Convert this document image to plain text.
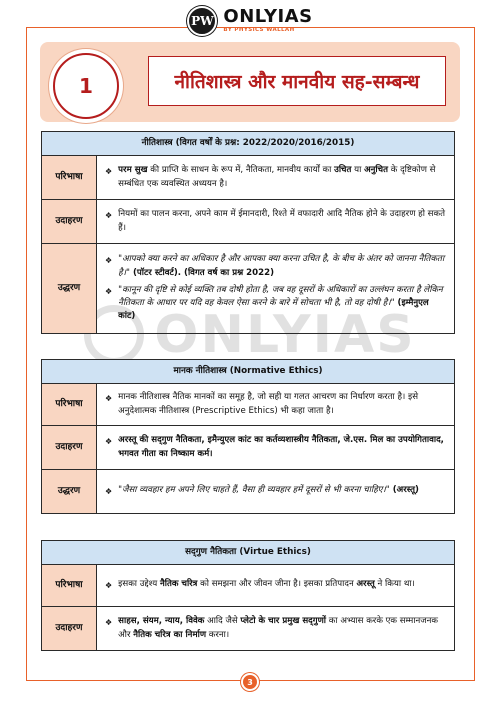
PW ONLYIAS
BY PHYSICS WALLAH
1	नीतिशास्त्र और मानवीय सह-सम्बन्ध
ONLYIAS
नीतिशास्त्र (विगत वर्षों के प्रश्न: 2022/2020/2016/2015)	
परिभाषा	❖ परम सुख की प्राप्ति के साधन के रूप में, नैतिकता, मानवीय कार्यों का उचित या अनुचित के दृष्टिकोण से सम्बंधित एक व्यवस्थित अध्ययन है।

उदाहरण	❖ नियमों का पालन करना, अपने काम में ईमानदारी, रिश्ते में वफादारी आदि नैतिक होने के उदाहरण हो सकते हैं।

उद्धरण	❖ "आपको क्या करने का अधिकार है और आपका क्या करना उचित है, के बीच के अंतर को जानना नैतिकता है।" (पॉटर स्टीवर्ट). (विगत वर्ष का प्रश्न 2022)
❖ "कानून की दृष्टि से कोई व्यक्ति तब दोषी होता है, जब वह दूसरों के अधिकारों का उल्लंघन करता है लेकिन नैतिकता के आधार पर यदि वह केवल ऐसा करने के बारे में सोचता भी है, तो वह दोषी है।" (इम्मैनुएल कांट)
मानक नीतिशास्त्र (Normative Ethics)	
परिभाषा	❖ मानक नीतिशास्त्र नैतिक मानकों का समूह है, जो सही या गलत आचरण का निर्धारण करता है। इसे अनुदेशात्मक नीतिशास्त्र (Prescriptive Ethics) भी कहा जाता है।

उदाहरण	❖ अरस्तू की सद्‌गुण नैतिकता, इमैन्‍युएल कांट का कर्तव्यशास्त्रीय नैतिकता, जे.एस. मिल का उपयोगितावाद, भगवत गीता का निष्काम कर्म।

उद्धरण	❖ "जैसा व्यवहार हम अपने लिए चाहते हैं, वैसा ही व्यवहार हमें दूसरों से भी करना चाहिए।" (अरस्तू)
सद्‌गुण नैतिकता (Virtue Ethics)	
परिभाषा	❖ इसका उद्देश्य नैतिक चरित्र को समझना और जीवन जीना है। इसका प्रतिपादन अरस्तू ने किया था।

उदाहरण	❖ साहस, संयम, न्याय, विवेक आदि जैसे प्लेटो के चार प्रमुख सद्‌गुणों का अभ्यास करके एक सम्मानजनक और नैतिक चरित्र का निर्माण करना।
3
